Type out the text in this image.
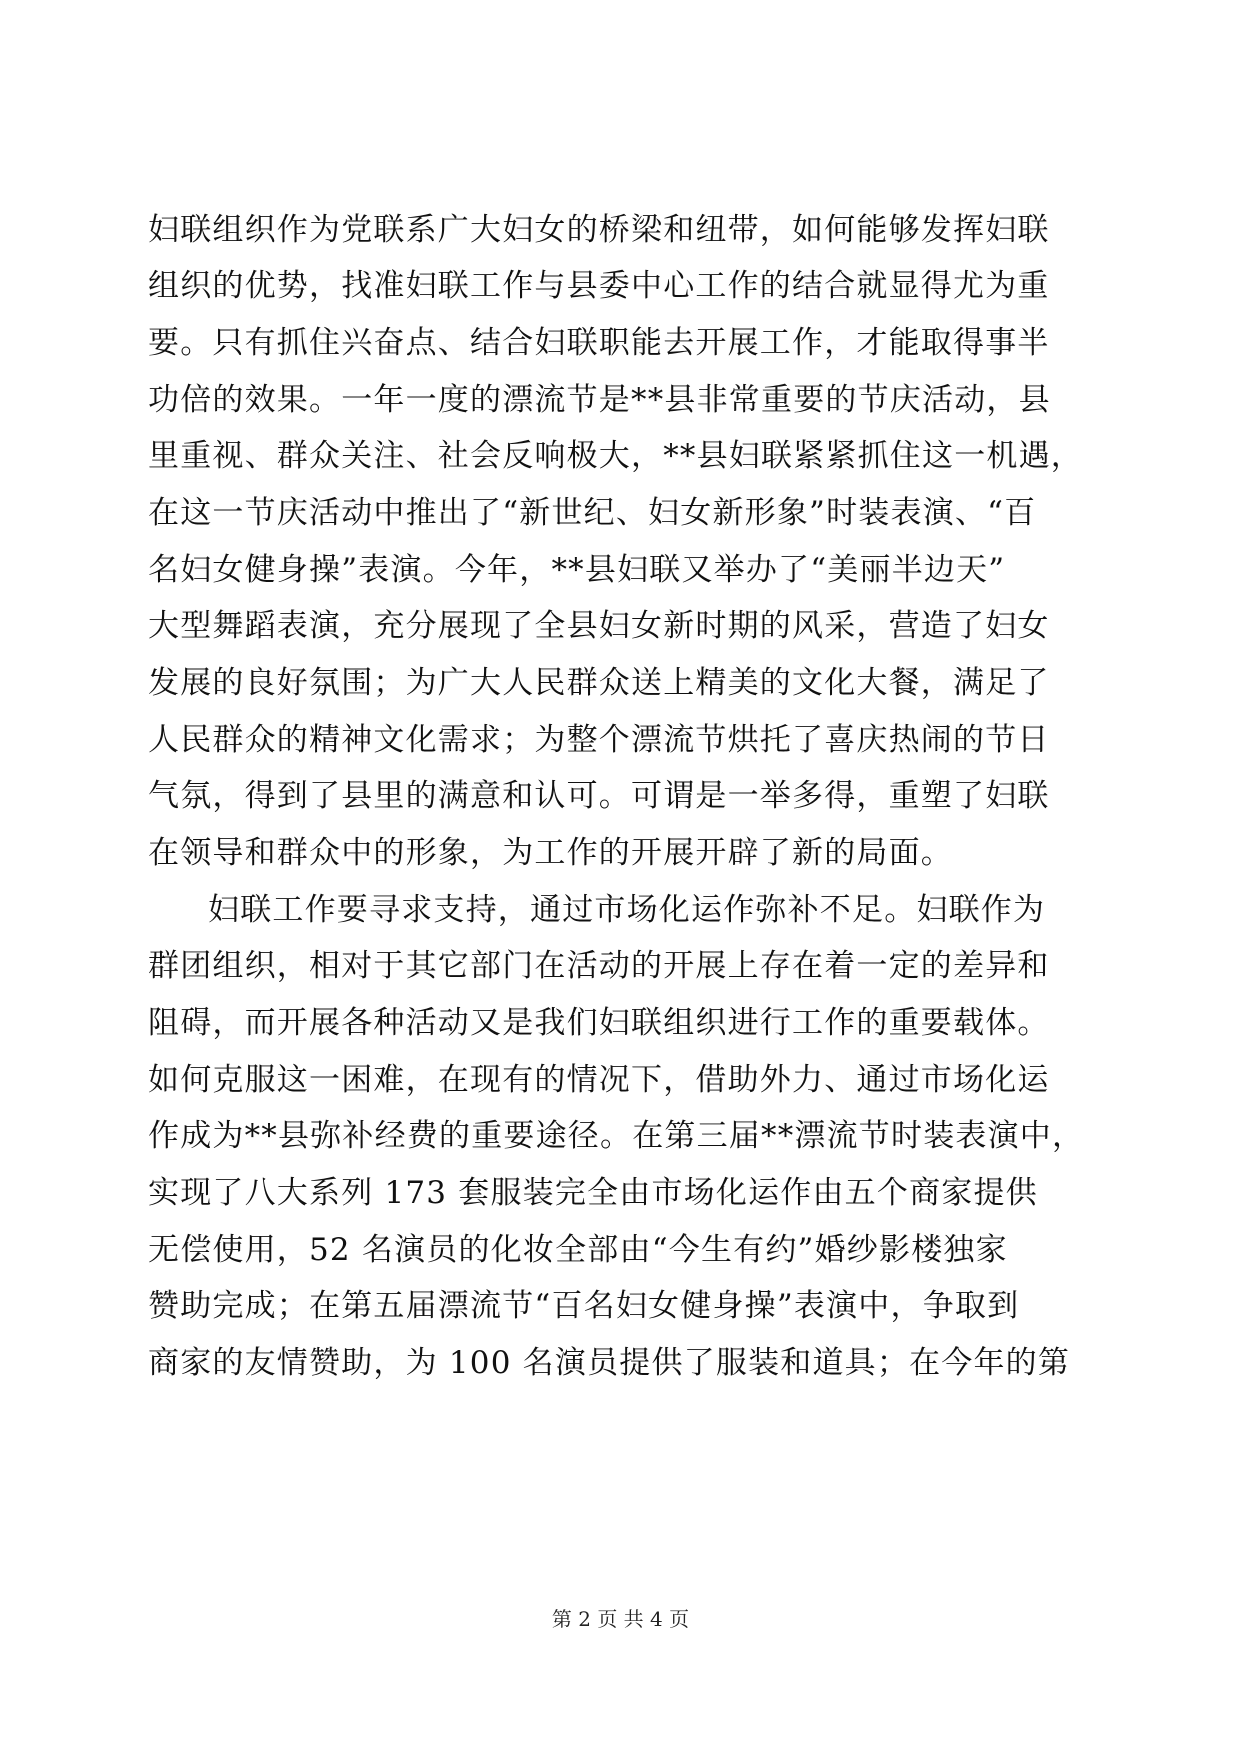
妇联组织作为党联系广大妇女的桥梁和纽带，如何能够发挥妇联
组织的优势，找准妇联工作与县委中心工作的结合就显得尤为重
要。只有抓住兴奋点、结合妇联职能去开展工作，才能取得事半
功倍的效果。一年一度的漂流节是**县非常重要的节庆活动，县
里重视、群众关注、社会反响极大，**县妇联紧紧抓住这一机遇，
在这一节庆活动中推出了“新世纪、妇女新形象”时装表演、“百
名妇女健身操”表演。今年，**县妇联又举办了“美丽半边天”
大型舞蹈表演，充分展现了全县妇女新时期的风采，营造了妇女
发展的良好氛围；为广大人民群众送上精美的文化大餐，满足了
人民群众的精神文化需求；为整个漂流节烘托了喜庆热闹的节日
气氛，得到了县里的满意和认可。可谓是一举多得，重塑了妇联
在领导和群众中的形象，为工作的开展开辟了新的局面。
妇联工作要寻求支持，通过市场化运作弥补不足。妇联作为
群团组织，相对于其它部门在活动的开展上存在着一定的差异和
阻碍，而开展各种活动又是我们妇联组织进行工作的重要载体。
如何克服这一困难，在现有的情况下，借助外力、通过市场化运
作成为**县弥补经费的重要途径。在第三届**漂流节时装表演中，
实现了八大系列 173 套服装完全由市场化运作由五个商家提供
无偿使用，52 名演员的化妆全部由“今生有约”婚纱影楼独家
赞助完成；在第五届漂流节“百名妇女健身操”表演中，争取到
商家的友情赞助，为 100 名演员提供了服装和道具；在今年的第
第 2 页 共 4 页
